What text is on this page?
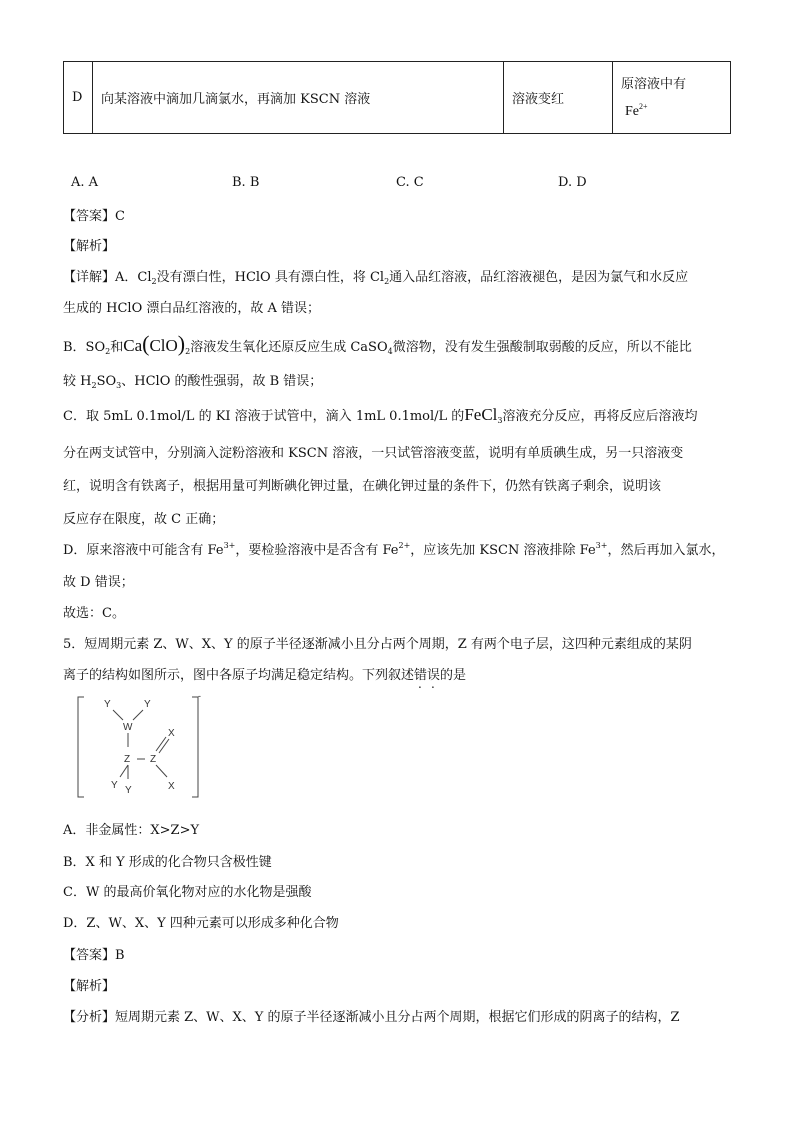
D	向某溶液中滴加几滴氯水，再滴加 KSCN 溶液	溶液变红	
原溶液中有
$Fe^{2+}$
A. A	B. B	C. C	D. D
【答案】C
【解析】
【详解】A．$Cl_2$没有漂白性，HClO 具有漂白性，将 $Cl_2$通入品红溶液，品红溶液褪色，是因为氯气和水反应
生成的 HClO 漂白品红溶液的，故 A 错误；
B．$SO_2$和$Ca(ClO)_2$溶液发生氧化还原反应生成 CaSO$_4$微溶物，没有发生强酸制取弱酸的反应，所以不能比
较 $H_2SO_3$、HClO 的酸性强弱，故 B 错误；
C．取 5mL 0.1mol/L 的 KI 溶液于试管中，滴入 1mL 0.1mol/L 的FeCl$_3$溶液充分反应，再将反应后溶液均
分在两支试管中，分别滴入淀粉溶液和 KSCN 溶液，一只试管溶液变蓝，说明有单质碘生成，另一只溶液变
红，说明含有铁离子，根据用量可判断碘化钾过量，在碘化钾过量的条件下，仍然有铁离子剩余，说明该
反应存在限度，故 C 正确；
D．原来溶液中可能含有 $Fe^{3+}$，要检验溶液中是否含有 $Fe^{2+}$，应该先加 KSCN 溶液排除 $Fe^{3+}$，然后再加入氯水，
故 D 错误；
故选：C。
5．短周期元素 Z、W、X、Y 的原子半径逐渐减小且分占两个周期，Z 有两个电子层，这四种元素组成的某阴
离子的结构如图所示，图中各原子均满足稳定结构。下列叙述错误的是
Y	Y
W
X
Z Z
Y Y	X
-
A．非金属性：X>Z>Y
B．X 和 Y 形成的化合物只含极性键
C．W 的最高价氧化物对应的水化物是强酸
D．Z、W、X、Y 四种元素可以形成多种化合物
【答案】B
【解析】
【分析】短周期元素 Z、W、X、Y 的原子半径逐渐减小且分占两个周期，根据它们形成的阴离子的结构，Z
